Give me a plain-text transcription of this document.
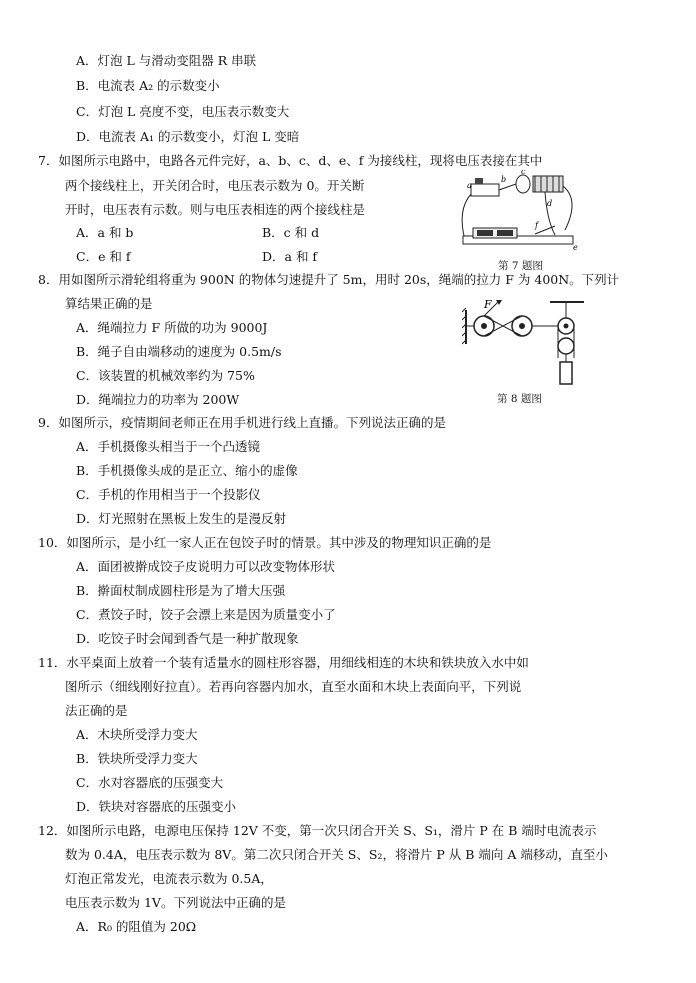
A．灯泡 L 与滑动变阻器 R 串联
B．电流表 A₂ 的示数变小
C．灯泡 L 亮度不变，电压表示数变大
D．电流表 A₁ 的示数变小，灯泡 L 变暗
7．如图所示电路中，电路各元件完好，a、b、c、d、e、f 为接线柱，现将电压表接在其中
两个接线柱上，开关闭合时，电压表示数为 0。开关断
开时，电压表有示数。则与电压表相连的两个接线柱是
A．a 和 b	B．c 和 d
C．e 和 f	D．a 和 f
a
b
c
d
f
e
第 7 题图
8．用如图所示滑轮组将重为 900N 的物体匀速提升了 5m，用时 20s，绳端的拉力 F 为 400N。下列计
算结果正确的是
A．绳端拉力 F 所做的功为 9000J
B．绳子自由端移动的速度为 0.5m/s
C．该装置的机械效率约为 75%
D．绳端拉力的功率为 200W
F
第 8 题图
9．如图所示，疫情期间老师正在用手机进行线上直播。下列说法正确的是
A．手机摄像头相当于一个凸透镜
B．手机摄像头成的是正立、缩小的虚像
C．手机的作用相当于一个投影仪
D．灯光照射在黑板上发生的是漫反射
10．如图所示，是小红一家人正在包饺子时的情景。其中涉及的物理知识正确的是
A．面团被擀成饺子皮说明力可以改变物体形状
B．擀面杖制成圆柱形是为了增大压强
C．煮饺子时，饺子会漂上来是因为质量变小了
D．吃饺子时会闻到香气是一种扩散现象
11．水平桌面上放着一个装有适量水的圆柱形容器，用细线相连的木块和铁块放入水中如
图所示（细线刚好拉直）。若再向容器内加水，直至水面和木块上表面向平，下列说
法正确的是
A．木块所受浮力变大
B．铁块所受浮力变大
C．水对容器底的压强变大
D．铁块对容器底的压强变小
12．如图所示电路，电源电压保持 12V 不变，第一次只闭合开关 S、S₁，滑片 P 在 B 端时电流表示
数为 0.4A，电压表示数为 8V。第二次只闭合开关 S、S₂，将滑片 P 从 B 端向 A 端移动，直至小
灯泡正常发光，电流表示数为 0.5A，
电压表示数为 1V。下列说法中正确的是
A．R₀ 的阻值为 20Ω
